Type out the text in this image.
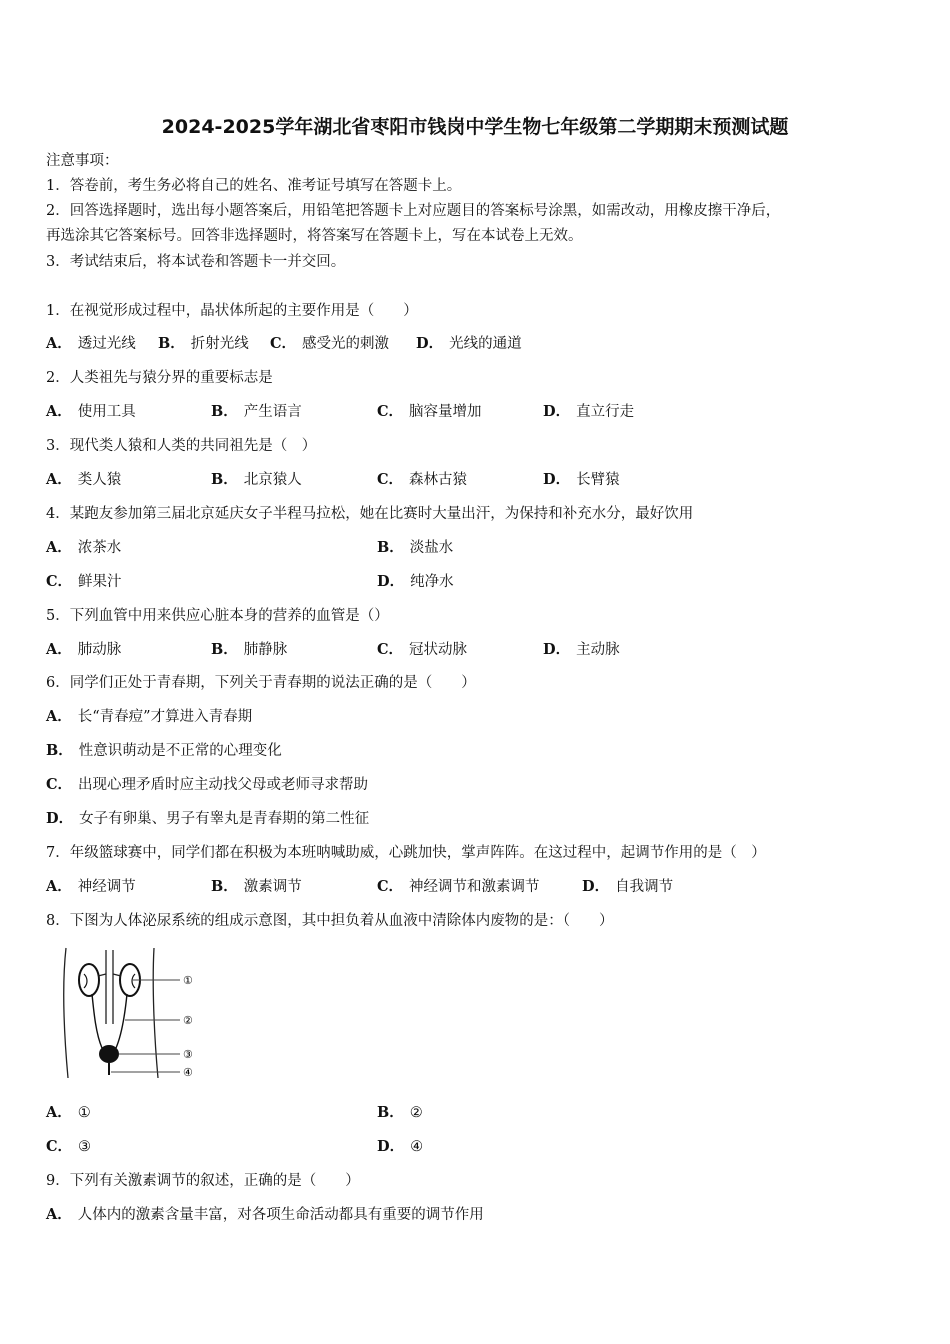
2024-2025学年湖北省枣阳市钱岗中学生物七年级第二学期期末预测试题
注意事项：
1．答卷前，考生务必将自己的姓名、准考证号填写在答题卡上。
2．回答选择题时，选出每小题答案后，用铅笔把答题卡上对应题目的答案标号涂黑，如需改动，用橡皮擦干净后，
再选涂其它答案标号。回答非选择题时，将答案写在答题卡上，写在本试卷上无效。
3．考试结束后，将本试卷和答题卡一并交回。
1．在视觉形成过程中，晶状体所起的主要作用是（　　）
A． 透过光线 B． 折射光线 C． 感受光的刺激 D． 光线的通道
2．人类祖先与猿分界的重要标志是
A． 使用工具	B． 产生语言	C． 脑容量增加	D． 直立行走
3．现代类人猿和人类的共同祖先是（　）
A． 类人猿	B． 北京猿人	C． 森林古猿	D． 长臂猿
4．某跑友参加第三届北京延庆女子半程马拉松，她在比赛时大量出汗，为保持和补充水分，最好饮用
A． 浓茶水	B． 淡盐水
C． 鲜果汁	D． 纯净水
5．下列血管中用来供应心脏本身的营养的血管是（）
A． 肺动脉	B． 肺静脉	C． 冠状动脉	D． 主动脉
6．同学们正处于青春期，下列关于青春期的说法正确的是（　　）
A． 长“青春痘”才算进入青春期
B． 性意识萌动是不正常的心理变化
C． 出现心理矛盾时应主动找父母或老师寻求帮助
D． 女子有卵巢、男子有睾丸是青春期的第二性征
7．年级篮球赛中，同学们都在积极为本班呐喊助威，心跳加快，掌声阵阵。在这过程中，起调节作用的是（　）
A． 神经调节	B． 激素调节	C． 神经调节和激素调节	D． 自我调节
8．下图为人体泌尿系统的组成示意图，其中担负着从血液中清除体内废物的是：（　　）
①
②
③
④
A． ①	B． ②
C． ③	D． ④
9．下列有关激素调节的叙述，正确的是（　　）
A． 人体内的激素含量丰富，对各项生命活动都具有重要的调节作用
